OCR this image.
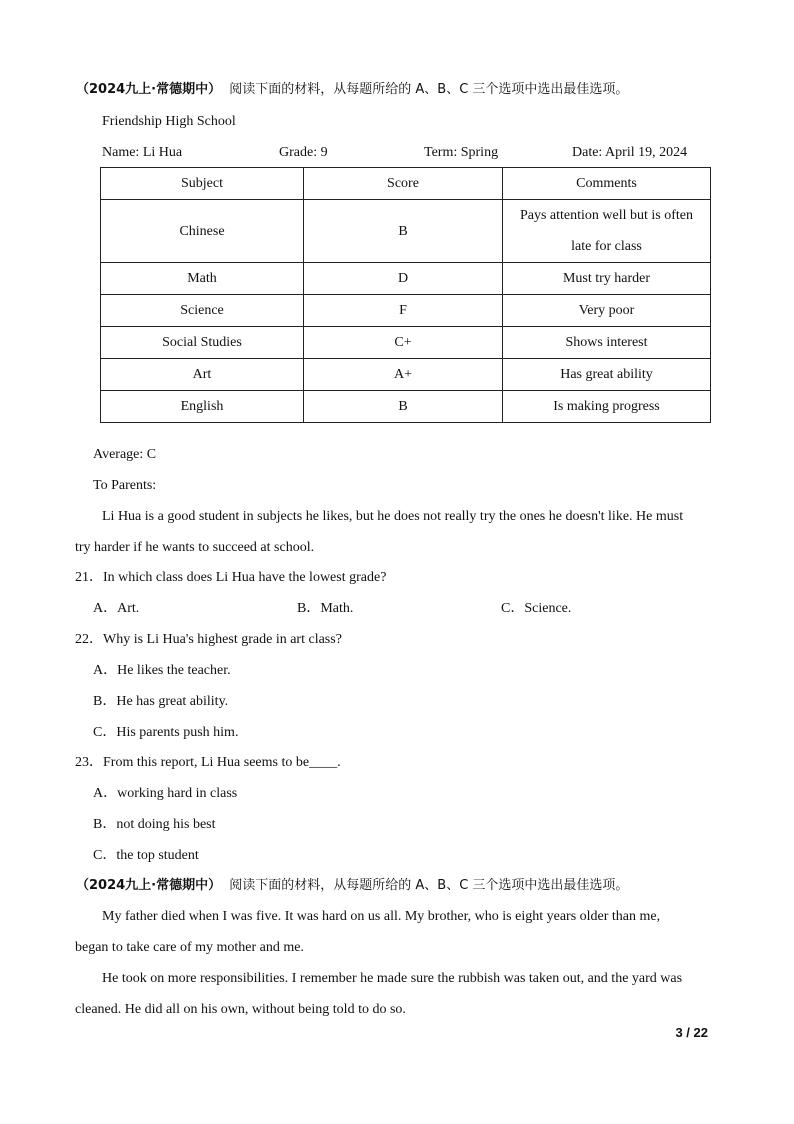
（2024九上·常德期中） 阅读下面的材料，从每题所给的 A、B、C 三个选项中选出最佳选项。
Friendship High School
Name: Li Hua	Grade: 9	Term: Spring	Date: April 19, 2024
Subject	Score	Comments
Chinese	B	Pays attention well but is often
late for class

Math	D	Must try harder
Science	F	Very poor
Social Studies	C+	Shows interest
Art	A+	Has great ability
English	B	Is making progress
Average: C
To Parents:
Li Hua is a good student in subjects he likes, but he does not really try the ones he doesn't like. He must
try harder if he wants to succeed at school.
21．In which class does Li Hua have the lowest grade?
A．Art.	B．Math.	C．Science.
22．Why is Li Hua's highest grade in art class?
A．He likes the teacher.
B．He has great ability.
C．His parents push him.
23．From this report, Li Hua seems to be____.
A．working hard in class
B．not doing his best
C．the top student
（2024九上·常德期中） 阅读下面的材料，从每题所给的 A、B、C 三个选项中选出最佳选项。
My father died when I was five. It was hard on us all. My brother, who is eight years older than me,
began to take care of my mother and me.
He took on more responsibilities. I remember he made sure the rubbish was taken out, and the yard was
cleaned. He did all on his own, without being told to do so.
3 / 22
